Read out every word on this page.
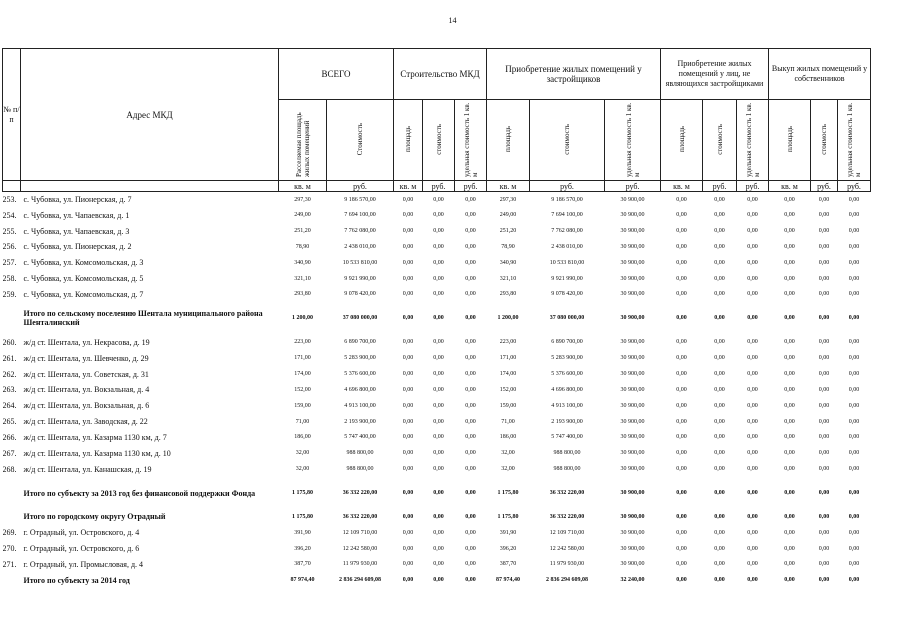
14
№ п/п	Адрес МКД	ВСЕГО		Строительство МКД			Приобретение жилых помещений у застройщиков			Приобретение жилых помещений у лиц, не являющихся застройщиками			Выкуп жилых помещений у собственников		
		Расселяемая площадь жилых помещений	Стоимость	площадь	стоимость	удельная стоимость 1 кв. м	площадь	стоимость	удельная стоимость 1 кв. м	площадь	стоимость	удельная стоимость 1 кв. м	площадь	стоимость	удельная стоимость 1 кв. м
		кв. м	руб.	кв. м	руб.	руб.	кв. м	руб.	руб.	кв. м	руб.	руб.	кв. м	руб.	руб.
253.	с. Чубовка, ул. Пионерская, д. 7	297,30	9 186 570,00	0,00	0,00	0,00	297,30	9 186 570,00	30 900,00	0,00	0,00	0,00	0,00	0,00	0,00
254.	с. Чубовка, ул. Чапаевская, д. 1	249,00	7 694 100,00	0,00	0,00	0,00	249,00	7 694 100,00	30 900,00	0,00	0,00	0,00	0,00	0,00	0,00
255.	с. Чубовка, ул. Чапаевская, д. 3	251,20	7 762 080,00	0,00	0,00	0,00	251,20	7 762 080,00	30 900,00	0,00	0,00	0,00	0,00	0,00	0,00
256.	с. Чубовка, ул. Пионерская, д. 2	78,90	2 438 010,00	0,00	0,00	0,00	78,90	2 438 010,00	30 900,00	0,00	0,00	0,00	0,00	0,00	0,00
257.	с. Чубовка, ул. Комсомольская, д. 3	340,90	10 533 810,00	0,00	0,00	0,00	340,90	10 533 810,00	30 900,00	0,00	0,00	0,00	0,00	0,00	0,00
258.	с. Чубовка, ул. Комсомольская, д. 5	321,10	9 921 990,00	0,00	0,00	0,00	321,10	9 921 990,00	30 900,00	0,00	0,00	0,00	0,00	0,00	0,00
259.	с. Чубовка, ул. Комсомольская, д. 7	293,80	9 078 420,00	0,00	0,00	0,00	293,80	9 078 420,00	30 900,00	0,00	0,00	0,00	0,00	0,00	0,00
	Итого по сельскому поселению Шентала муниципального района Шенталинский	1 200,00	37 080 000,00	0,00	0,00	0,00	1 200,00	37 080 000,00	30 900,00	0,00	0,00	0,00	0,00	0,00	0,00
260.	ж/д ст. Шентала, ул. Некрасова, д. 19	223,00	6 890 700,00	0,00	0,00	0,00	223,00	6 890 700,00	30 900,00	0,00	0,00	0,00	0,00	0,00	0,00
261.	ж/д ст. Шентала, ул. Шевченко, д. 29	171,00	5 283 900,00	0,00	0,00	0,00	171,00	5 283 900,00	30 900,00	0,00	0,00	0,00	0,00	0,00	0,00
262.	ж/д ст. Шентала, ул. Советская, д. 31	174,00	5 376 600,00	0,00	0,00	0,00	174,00	5 376 600,00	30 900,00	0,00	0,00	0,00	0,00	0,00	0,00
263.	ж/д ст. Шентала, ул. Вокзальная, д. 4	152,00	4 696 800,00	0,00	0,00	0,00	152,00	4 696 800,00	30 900,00	0,00	0,00	0,00	0,00	0,00	0,00
264.	ж/д ст. Шентала, ул. Вокзальная, д. 6	159,00	4 913 100,00	0,00	0,00	0,00	159,00	4 913 100,00	30 900,00	0,00	0,00	0,00	0,00	0,00	0,00
265.	ж/д ст. Шентала, ул. Заводская, д. 22	71,00	2 193 900,00	0,00	0,00	0,00	71,00	2 193 900,00	30 900,00	0,00	0,00	0,00	0,00	0,00	0,00
266.	ж/д ст. Шентала, ул. Казарма 1130 км, д. 7	186,00	5 747 400,00	0,00	0,00	0,00	186,00	5 747 400,00	30 900,00	0,00	0,00	0,00	0,00	0,00	0,00
267.	ж/д ст. Шентала, ул. Казарма 1130 км, д. 10	32,00	988 800,00	0,00	0,00	0,00	32,00	988 800,00	30 900,00	0,00	0,00	0,00	0,00	0,00	0,00
268.	ж/д ст. Шентала, ул. Канашская, д. 19	32,00	988 800,00	0,00	0,00	0,00	32,00	988 800,00	30 900,00	0,00	0,00	0,00	0,00	0,00	0,00
	Итого по субъекту за 2013 год без финансовой поддержки Фонда	1 175,80	36 332 220,00	0,00	0,00	0,00	1 175,80	36 332 220,00	30 900,00	0,00	0,00	0,00	0,00	0,00	0,00
	Итого по городскому округу Отрадный	1 175,80	36 332 220,00	0,00	0,00	0,00	1 175,80	36 332 220,00	30 900,00	0,00	0,00	0,00	0,00	0,00	0,00
269.	г. Отрадный, ул. Островского, д. 4	391,90	12 109 710,00	0,00	0,00	0,00	391,90	12 109 710,00	30 900,00	0,00	0,00	0,00	0,00	0,00	0,00
270.	г. Отрадный, ул. Островского, д. 6	396,20	12 242 580,00	0,00	0,00	0,00	396,20	12 242 580,00	30 900,00	0,00	0,00	0,00	0,00	0,00	0,00
271.	г. Отрадный, ул. Промысловая, д. 4	387,70	11 979 930,00	0,00	0,00	0,00	387,70	11 979 930,00	30 900,00	0,00	0,00	0,00	0,00	0,00	0,00
	Итого по субъекту за 2014 год	87 974,40	2 836 294 609,08	0,00	0,00	0,00	87 974,40	2 836 294 609,08	32 240,00	0,00	0,00	0,00	0,00	0,00	0,00
